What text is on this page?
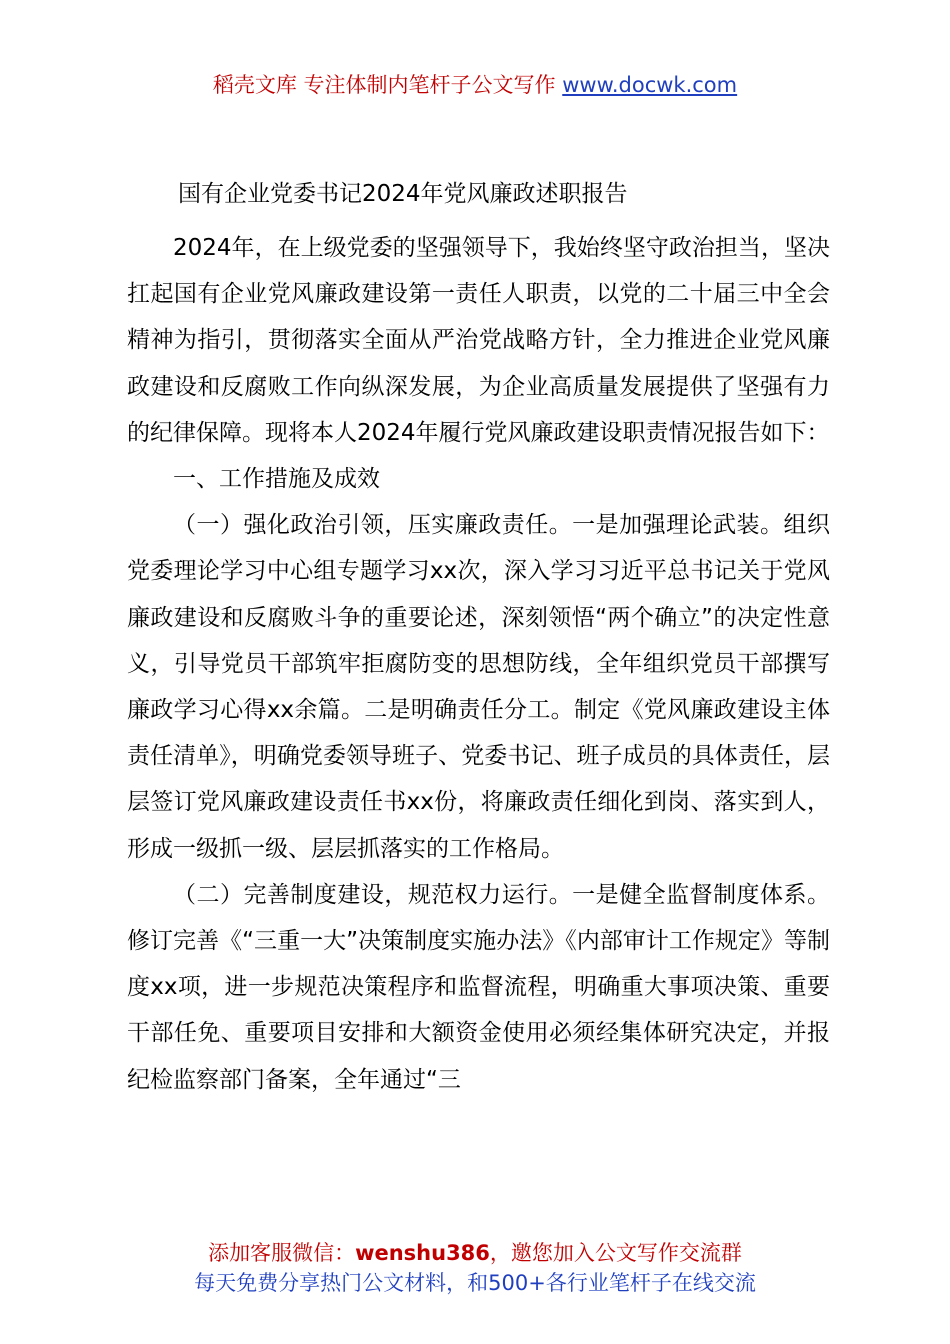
稻壳文库 专注体制内笔杆子公文写作 www.docwk.com
国有企业党委书记2024年党风廉政述职报告

2024年，在上级党委的坚强领导下，我始终坚守政治担当，坚决扛起国有企业党风廉政建设第一责任人职责，以党的二十届三中全会精神为指引，贯彻落实全面从严治党战略方针，全力推进企业党风廉政建设和反腐败工作向纵深发展，为企业高质量发展提供了坚强有力的纪律保障。现将本人2024年履行党风廉政建设职责情况报告如下：

一、工作措施及成效

（一）强化政治引领，压实廉政责任。一是加强理论武装。组织党委理论学习中心组专题学习xx次，深入学习习近平总书记关于党风廉政建设和反腐败斗争的重要论述，深刻领悟“两个确立”的决定性意义，引导党员干部筑牢拒腐防变的思想防线，全年组织党员干部撰写廉政学习心得xx余篇。二是明确责任分工。制定《党风廉政建设主体责任清单》，明确党委领导班子、党委书记、班子成员的具体责任，层层签订党风廉政建设责任书xx份，将廉政责任细化到岗、落实到人，形成一级抓一级、层层抓落实的工作格局。

（二）完善制度建设，规范权力运行。一是健全监督制度体系。修订完善《“三重一大”决策制度实施办法》《内部审计工作规定》等制度xx项，进一步规范决策程序和监督流程，明确重大事项决策、重要干部任免、重要项目安排和大额资金使用必须经集体研究决定，并报纪检监察部门备案，全年通过“三

添加客服微信：wenshu386，邀您加入公文写作交流群
每天免费分享热门公文材料，和500+各行业笔杆子在线交流
